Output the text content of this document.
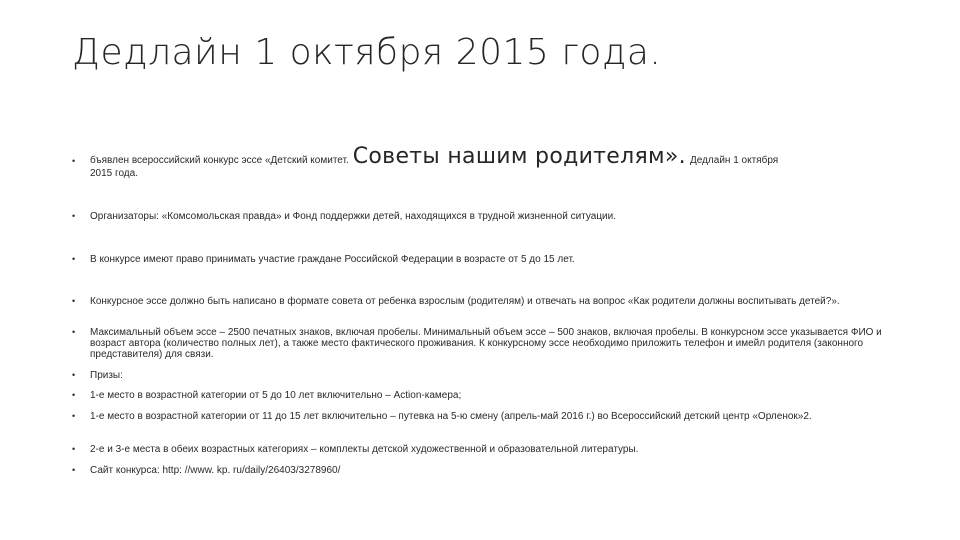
Дедлайн 1 октября 2015 года.
•	бъявлен всероссийский конкурс эссе «Детский комитет. Советы нашим родителям». Дедлайн 1 октября
2015 года.
•	Организаторы: «Комсомольская правда» и Фонд поддержки детей, находящихся в трудной жизненной ситуации.
•	В конкурсе имеют право принимать участие граждане Российской Федерации в возрасте от 5 до 15 лет.
•	Конкурсное эссе должно быть написано в формате совета от ребенка взрослым (родителям) и отвечать на вопрос «Как родители должны воспитывать детей?».
•	Максимальный объем эссе – 2500 печатных знаков, включая пробелы. Минимальный объем эссе – 500 знаков, включая пробелы. В конкурсном эссе указывается ФИО и возраст автора (количество полных лет), а также место фактического проживания. К конкурсному эссе необходимо приложить телефон и имейл родителя (законного представителя) для связи.
•	Призы:
•	1-е место в возрастной категории от 5 до 10 лет включительно – Action-камера;
•	1-е место в возрастной категории от 11 до 15 лет включительно – путевка на 5-ю смену (апрель-май 2016 г.) во Всероссийский детский центр «Орленок»2.
•	2-е и 3-е места в обеих возрастных категориях – комплекты детской художественной и образовательной литературы.
•	Сайт конкурса: http: //www. kp. ru/daily/26403/3278960/
